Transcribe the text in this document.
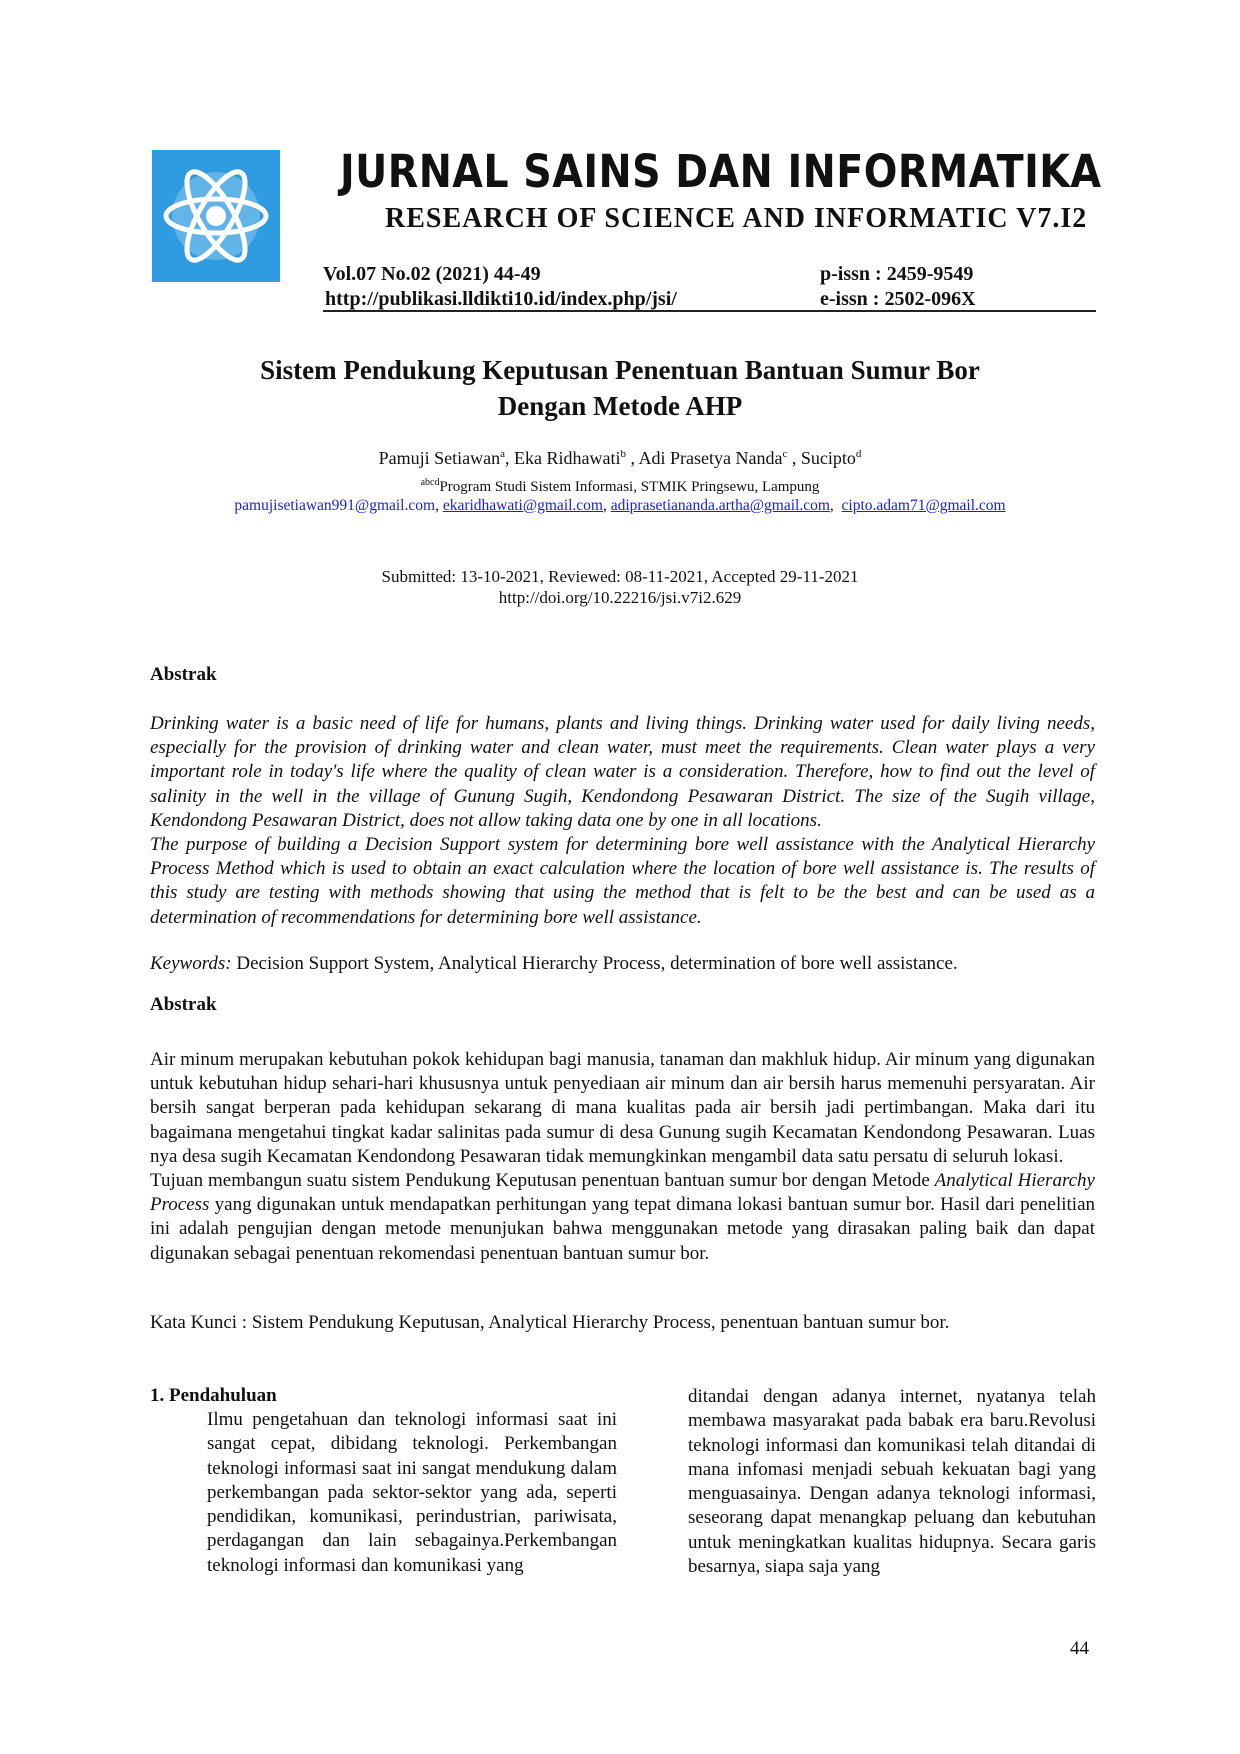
JURNAL SAINS DAN INFORMATIKA
RESEARCH OF SCIENCE AND INFORMATIC V7.I2
Vol.07 No.02 (2021) 44-49
http://publikasi.lldikti10.id/index.php/jsi/
p-issn : 2459-9549
e-issn : 2502-096X
Sistem Pendukung Keputusan Penentuan Bantuan Sumur Bor
Dengan Metode AHP
Pamuji Setiawan$^a$, Eka Ridhawati$^b$ , Adi Prasetya Nanda$^c$ , Sucipto$^d$
$^{abcd}$Program Studi Sistem Informasi, STMIK Pringsewu, Lampung
pamujisetiawan991@gmail.com, ekaridhawati@gmail.com, adiprasetiananda.artha@gmail.com,  cipto.adam71@gmail.com
Submitted: 13-10-2021, Reviewed: 08-11-2021, Accepted 29-11-2021
http://doi.org/10.22216/jsi.v7i2.629
Abstrak

Drinking water is a basic need of life for humans, plants and living things. Drinking water used for daily living needs, especially for the provision of drinking water and clean water, must meet the requirements. Clean water plays a very important role in today's life where the quality of clean water is a consideration. Therefore, how to find out the level of salinity in the well in the village of Gunung Sugih, Kendondong Pesawaran District. The size of the Sugih village, Kendondong Pesawaran District, does not allow taking data one by one in all locations.

The purpose of building a Decision Support system for determining bore well assistance with the Analytical Hierarchy Process Method which is used to obtain an exact calculation where the location of bore well assistance is. The results of this study are testing with methods showing that using the method that is felt to be the best and can be used as a determination of recommendations for determining bore well assistance.

Keywords: Decision Support System, Analytical Hierarchy Process, determination of bore well assistance.
Abstrak

Air minum merupakan kebutuhan pokok kehidupan bagi manusia, tanaman dan makhluk hidup. Air minum yang digunakan untuk kebutuhan hidup sehari-hari khususnya untuk penyediaan air minum dan air bersih harus memenuhi persyaratan. Air bersih sangat berperan pada kehidupan sekarang di mana kualitas pada air bersih jadi pertimbangan. Maka dari itu bagaimana mengetahui tingkat kadar salinitas pada sumur di desa Gunung sugih Kecamatan Kendondong Pesawaran. Luas nya desa sugih Kecamatan Kendondong Pesawaran tidak memungkinkan mengambil data satu persatu di seluruh lokasi.

Tujuan membangun suatu sistem Pendukung Keputusan penentuan bantuan sumur bor dengan Metode Analytical Hierarchy Process yang digunakan untuk mendapatkan perhitungan yang tepat dimana lokasi bantuan sumur bor. Hasil dari penelitian ini adalah pengujian dengan metode menunjukan bahwa menggunakan metode yang dirasakan paling baik dan dapat digunakan sebagai penentuan rekomendasi penentuan bantuan sumur bor.

Kata Kunci : Sistem Pendukung Keputusan, Analytical Hierarchy Process, penentuan bantuan sumur bor.
1. Pendahuluan
Ilmu pengetahuan dan teknologi informasi saat ini sangat cepat, dibidang teknologi. Perkembangan teknologi informasi saat ini sangat mendukung dalam perkembangan pada sektor-sektor yang ada, seperti pendidikan, komunikasi, perindustrian, pariwisata, perdagangan dan lain sebagainya.Perkembangan teknologi informasi dan komunikasi yang
ditandai dengan adanya internet, nyatanya telah membawa masyarakat pada babak era baru.Revolusi teknologi informasi dan komunikasi telah ditandai di mana infomasi menjadi sebuah kekuatan bagi yang menguasainya. Dengan adanya teknologi informasi, seseorang dapat menangkap peluang dan kebutuhan untuk meningkatkan kualitas hidupnya. Secara garis besarnya, siapa saja yang
44
